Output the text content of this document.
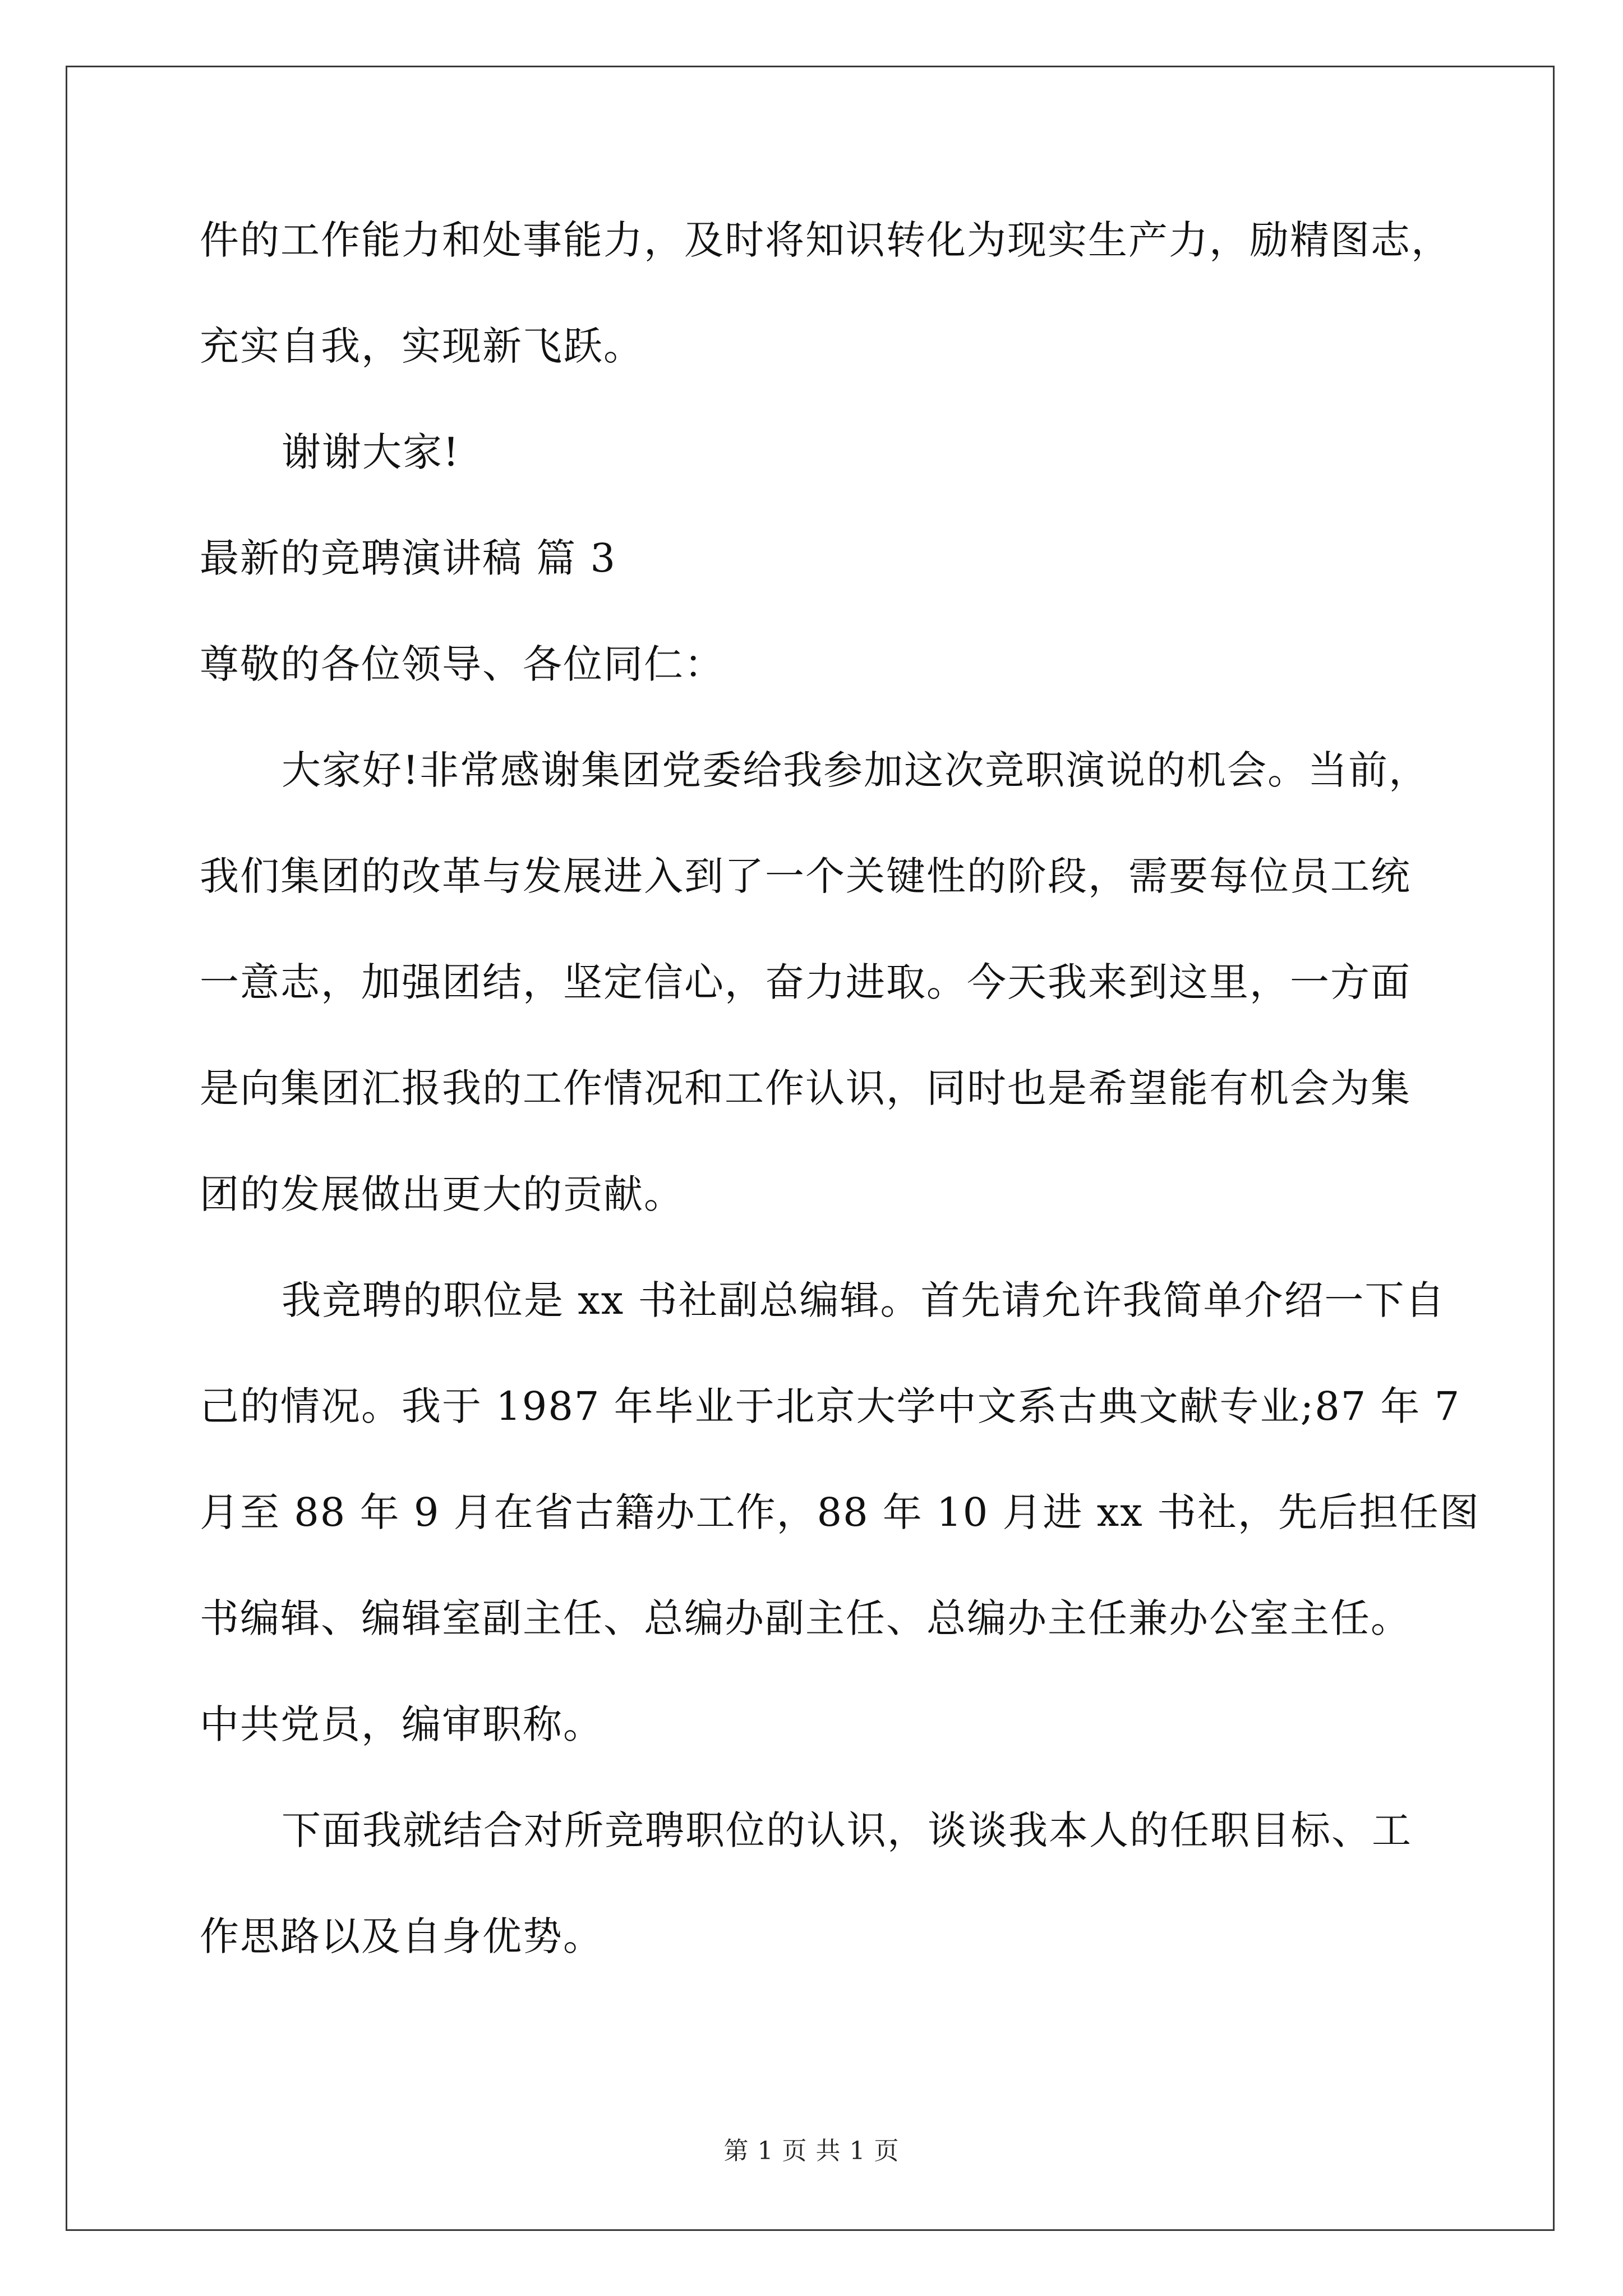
件的工作能力和处事能力，及时将知识转化为现实生产力，励精图志，
充实自我，实现新飞跃。
谢谢大家!
最新的竞聘演讲稿 篇 3
尊敬的各位领导、各位同仁：
大家好!非常感谢集团党委给我参加这次竞职演说的机会。当前，
我们集团的改革与发展进入到了一个关键性的阶段，需要每位员工统
一意志，加强团结，坚定信心，奋力进取。今天我来到这里，一方面
是向集团汇报我的工作情况和工作认识，同时也是希望能有机会为集
团的发展做出更大的贡献。
我竞聘的职位是 xx 书社副总编辑。首先请允许我简单介绍一下自
己的情况。我于 1987 年毕业于北京大学中文系古典文献专业;87 年 7
月至 88 年 9 月在省古籍办工作，88 年 10 月进 xx 书社，先后担任图
书编辑、编辑室副主任、总编办副主任、总编办主任兼办公室主任。
中共党员，编审职称。
下面我就结合对所竞聘职位的认识，谈谈我本人的任职目标、工
作思路以及自身优势。
第 1 页 共 1 页
